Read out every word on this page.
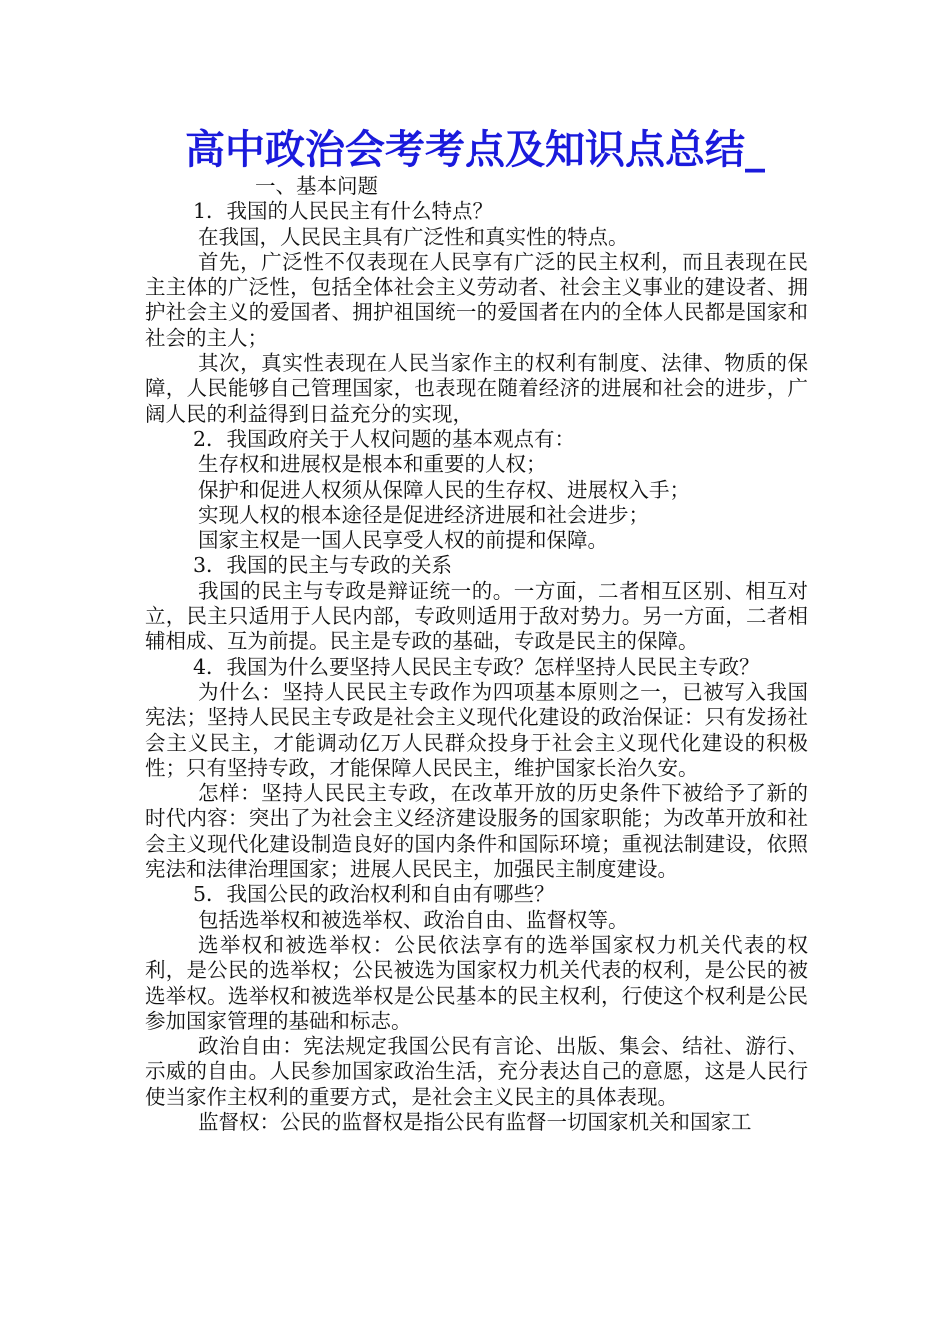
高中政治会考考点及知识点总结_

一、基本问题

1．我国的人民民主有什么特点？

在我国，人民民主具有广泛性和真实性的特点。

首先，广泛性不仅表现在人民享有广泛的民主权利，而且表现在民主主体的广泛性，包括全体社会主义劳动者、社会主义事业的建设者、拥护社会主义的爱国者、拥护祖国统一的爱国者在内的全体人民都是国家和社会的主人；

其次，真实性表现在人民当家作主的权利有制度、法律、物质的保障，人民能够自己管理国家，也表现在随着经济的进展和社会的进步，广阔人民的利益得到日益充分的实现，

2．我国政府关于人权问题的基本观点有：

生存权和进展权是根本和重要的人权；

保护和促进人权须从保障人民的生存权、进展权入手；

实现人权的根本途径是促进经济进展和社会进步；

国家主权是一国人民享受人权的前提和保障。

3．我国的民主与专政的关系

我国的民主与专政是辩证统一的。一方面，二者相互区别、相互对立，民主只适用于人民内部，专政则适用于敌对势力。另一方面，二者相辅相成、互为前提。民主是专政的基础，专政是民主的保障。

4．我国为什么要坚持人民民主专政？怎样坚持人民民主专政？

为什么：坚持人民民主专政作为四项基本原则之一，已被写入我国宪法；坚持人民民主专政是社会主义现代化建设的政治保证：只有发扬社会主义民主，才能调动亿万人民群众投身于社会主义现代化建设的积极性；只有坚持专政，才能保障人民民主，维护国家长治久安。

怎样：坚持人民民主专政，在改革开放的历史条件下被给予了新的时代内容：突出了为社会主义经济建设服务的国家职能；为改革开放和社会主义现代化建设制造良好的国内条件和国际环境；重视法制建设，依照宪法和法律治理国家；进展人民民主，加强民主制度建设。

5．我国公民的政治权利和自由有哪些？

包括选举权和被选举权、政治自由、监督权等。

选举权和被选举权：公民依法享有的选举国家权力机关代表的权利，是公民的选举权；公民被选为国家权力机关代表的权利，是公民的被选举权。选举权和被选举权是公民基本的民主权利，行使这个权利是公民参加国家管理的基础和标志。

政治自由：宪法规定我国公民有言论、出版、集会、结社、游行、示威的自由。人民参加国家政治生活，充分表达自己的意愿，这是人民行使当家作主权利的重要方式，是社会主义民主的具体表现。

监督权：公民的监督权是指公民有监督一切国家机关和国家工
